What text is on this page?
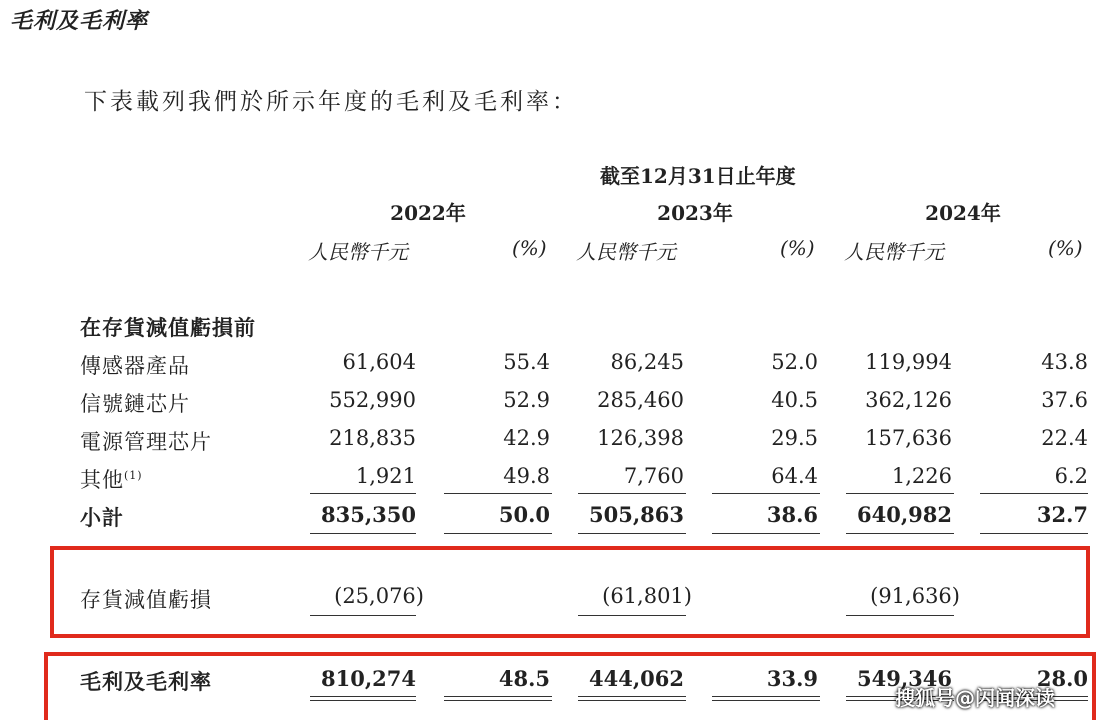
毛利及毛利率
下表載列我們於所示年度的毛利及毛利率：
截至12月31日止年度
2022年	2023年	2024年
人民幣千元	(%) 人民幣千元	(%) 人民幣千元	(%)
在存貨減值虧損前
傳感器產品	61,604	55.4	86,245	52.0 119,994	43.8
信號鏈芯片	552,990	52.9 285,460	40.5 362,126	37.6
電源管理芯片	218,835	42.9 126,398	29.5 157,636	22.4
其他$^{(1)}$	1,921	49.8	7,760	64.4	1,226	6.2
小計	835,350	50.0 505,863	38.6 640,982	32.7
存貨減值虧損	(25,076)	(61,801)	(91,636)
毛利及毛利率	810,274	48.5 444,062	33.9 549,346	28.0
搜狐号@闪闻深读
